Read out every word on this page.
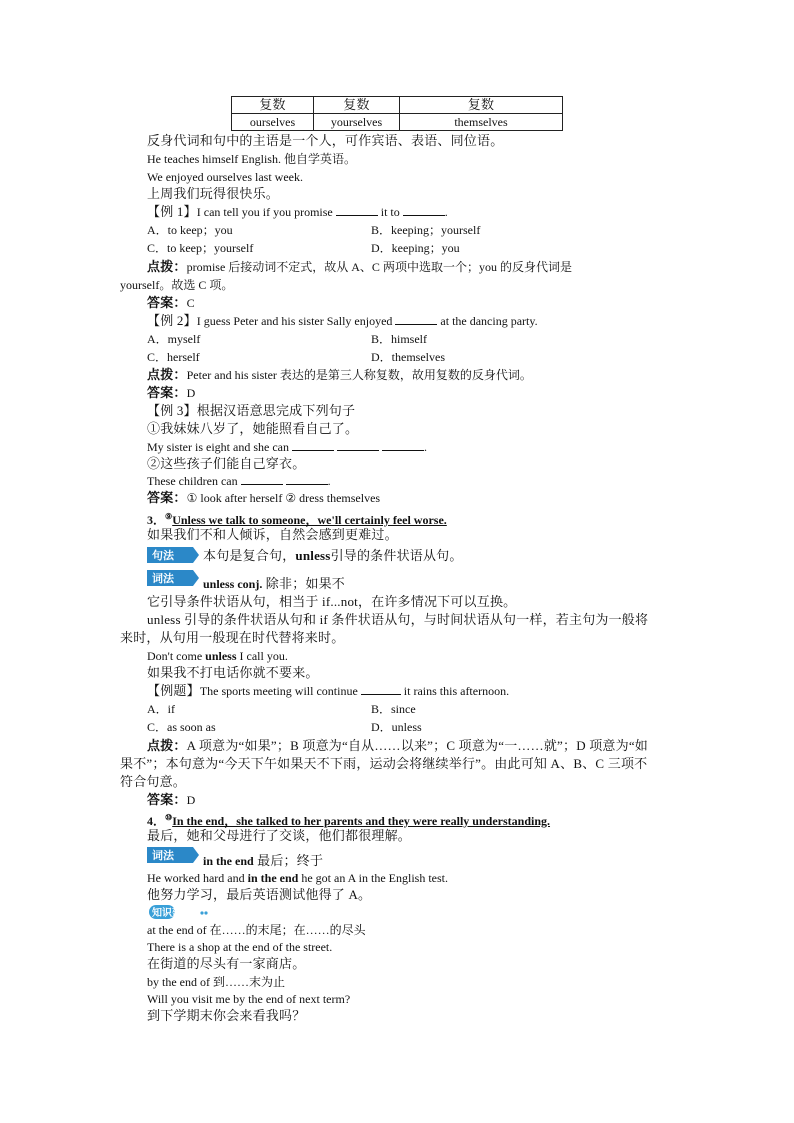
复数	复数	复数
ourselves	yourselves	themselves
反身代词和句中的主语是一个人，可作宾语、表语、同位语。
He teaches himself English. 他自学英语。
We enjoyed ourselves last week.
上周我们玩得很快乐。
【例 1】I can tell you if you promise	it to	.
A．to keep；you	B．keeping；yourself
C．to keep；yourself	D．keeping；you
点拨：promise 后接动词不定式，故从 A、C 两项中选取一个；you 的反身代词是
yourself。故选 C 项。
答案：C
【例 2】I guess Peter and his sister Sally enjoyed	at the dancing party.
A．myself	B．himself
C．herself	D．themselves
点拨：Peter and his sister 表达的是第三人称复数，故用复数的反身代词。
答案：D
【例 3】根据汉语意思完成下列句子
①我妹妹八岁了，她能照看自己了。
My sister is eight and she can	.
②这些孩子们能自己穿衣。
These children can	.
答案：① look after herself ② dress themselves
3．⑨Unless we talk to someone，we'll certainly feel worse.
如果我们不和人倾诉，自然会感到更难过。
句法 本句是复合句，unless引导的条件状语从句。
词法 unless conj. 除非；如果不
它引导条件状语从句，相当于 if...not，在许多情况下可以互换。
unless 引导的条件状语从句和 if 条件状语从句，与时间状语从句一样，若主句为一般将
来时，从句用一般现在时代替将来时。
Don't come unless I call you.
如果我不打电话你就不要来。
【例题】The sports meeting will continue	it rains this afternoon.
A．if	B．since
C．as soon as	D．unless
点拨：A 项意为“如果”；B 项意为“自从……以来”；C 项意为“一……就”；D 项意为“如
果不”；本句意为“今天下午如果天不下雨，运动会将继续举行”。由此可知 A、B、C 三项不
符合句意。
答案：D
4．⑩In the end，she talked to her parents and they were really understanding.
最后，她和父母进行了交谈，他们都很理解。
词法 in the end 最后；终于
He worked hard and in the end he got an A in the English test.
他努力学习，最后英语测试他得了 A。
知识延伸
at the end of 在……的末尾；在……的尽头
There is a shop at the end of the street.
在街道的尽头有一家商店。
by the end of 到……末为止
Will you visit me by the end of next term?
到下学期末你会来看我吗？
